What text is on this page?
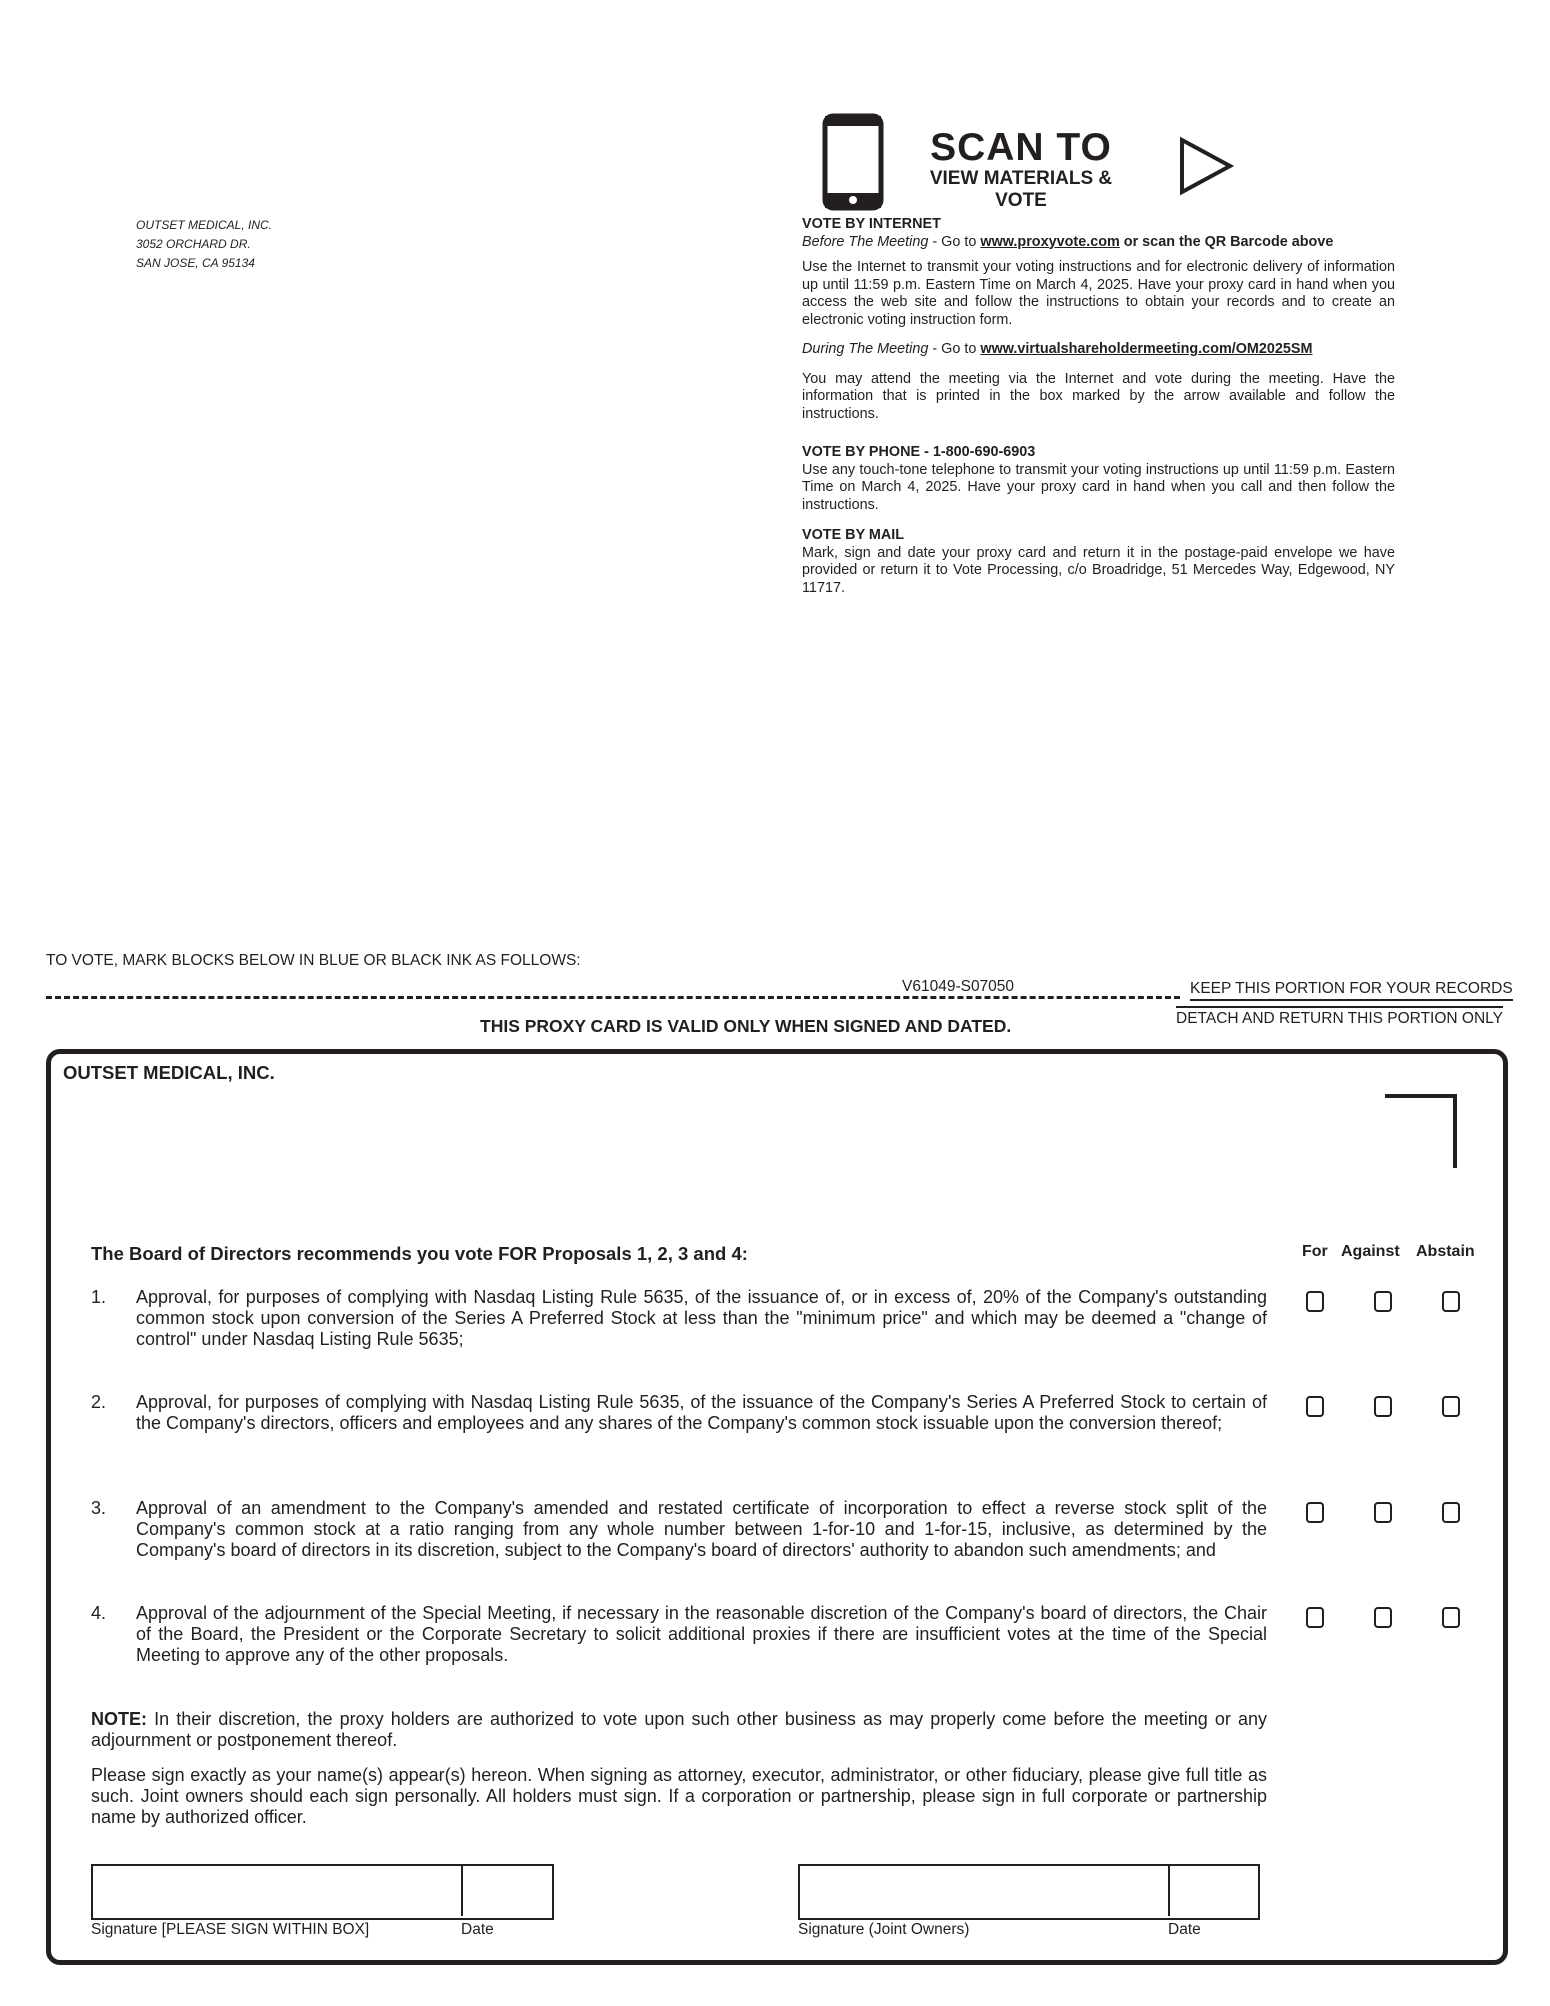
OUTSET MEDICAL, INC.
3052 ORCHARD DR.
SAN JOSE, CA 95134
SCAN TO
VIEW MATERIALS & VOTE
VOTE BY INTERNET

Before The Meeting - Go to www.proxyvote.com or scan the QR Barcode above

Use the Internet to transmit your voting instructions and for electronic delivery of information up until 11:59 p.m. Eastern Time on March 4, 2025. Have your proxy card in hand when you access the web site and follow the instructions to obtain your records and to create an electronic voting instruction form.

During The Meeting - Go to www.virtualshareholdermeeting.com/OM2025SM

You may attend the meeting via the Internet and vote during the meeting. Have the information that is printed in the box marked by the arrow available and follow the instructions.

VOTE BY PHONE - 1-800-690-6903

Use any touch-tone telephone to transmit your voting instructions up until 11:59 p.m. Eastern Time on March 4, 2025. Have your proxy card in hand when you call and then follow the instructions.

VOTE BY MAIL

Mark, sign and date your proxy card and return it in the postage-paid envelope we have provided or return it to Vote Processing, c/o Broadridge, 51 Mercedes Way, Edgewood, NY 11717.

TO VOTE, MARK BLOCKS BELOW IN BLUE OR BLACK INK AS FOLLOWS:
V61049-S07050	KEEP THIS PORTION FOR YOUR RECORDS
DETACH AND RETURN THIS PORTION ONLY
THIS PROXY CARD IS VALID ONLY WHEN SIGNED AND DATED.
OUTSET MEDICAL, INC.
The Board of Directors recommends you vote FOR Proposals 1, 2, 3 and 4:	For Against Abstain
1. Approval, for purposes of complying with Nasdaq Listing Rule 5635, of the issuance of, or in excess of, 20% of the Company's outstanding common stock upon conversion of the Series A Preferred Stock at less than the "minimum price" and which may be deemed a "change of control" under Nasdaq Listing Rule 5635;
2. Approval, for purposes of complying with Nasdaq Listing Rule 5635, of the issuance of the Company's Series A Preferred Stock to certain of the Company's directors, officers and employees and any shares of the Company's common stock issuable upon the conversion thereof;
3. Approval of an amendment to the Company's amended and restated certificate of incorporation to effect a reverse stock split of the Company's common stock at a ratio ranging from any whole number between 1-for-10 and 1-for-15, inclusive, as determined by the Company's board of directors in its discretion, subject to the Company's board of directors' authority to abandon such amendments; and
4. Approval of the adjournment of the Special Meeting, if necessary in the reasonable discretion of the Company's board of directors, the Chair of the Board, the President or the Corporate Secretary to solicit additional proxies if there are insufficient votes at the time of the Special Meeting to approve any of the other proposals.
NOTE: In their discretion, the proxy holders are authorized to vote upon such other business as may properly come before the meeting or any adjournment or postponement thereof.
Please sign exactly as your name(s) appear(s) hereon. When signing as attorney, executor, administrator, or other fiduciary, please give full title as such. Joint owners should each sign personally. All holders must sign. If a corporation or partnership, please sign in full corporate or partnership name by authorized officer.
Signature [PLEASE SIGN WITHIN BOX]	Date	Signature (Joint Owners)	Date
